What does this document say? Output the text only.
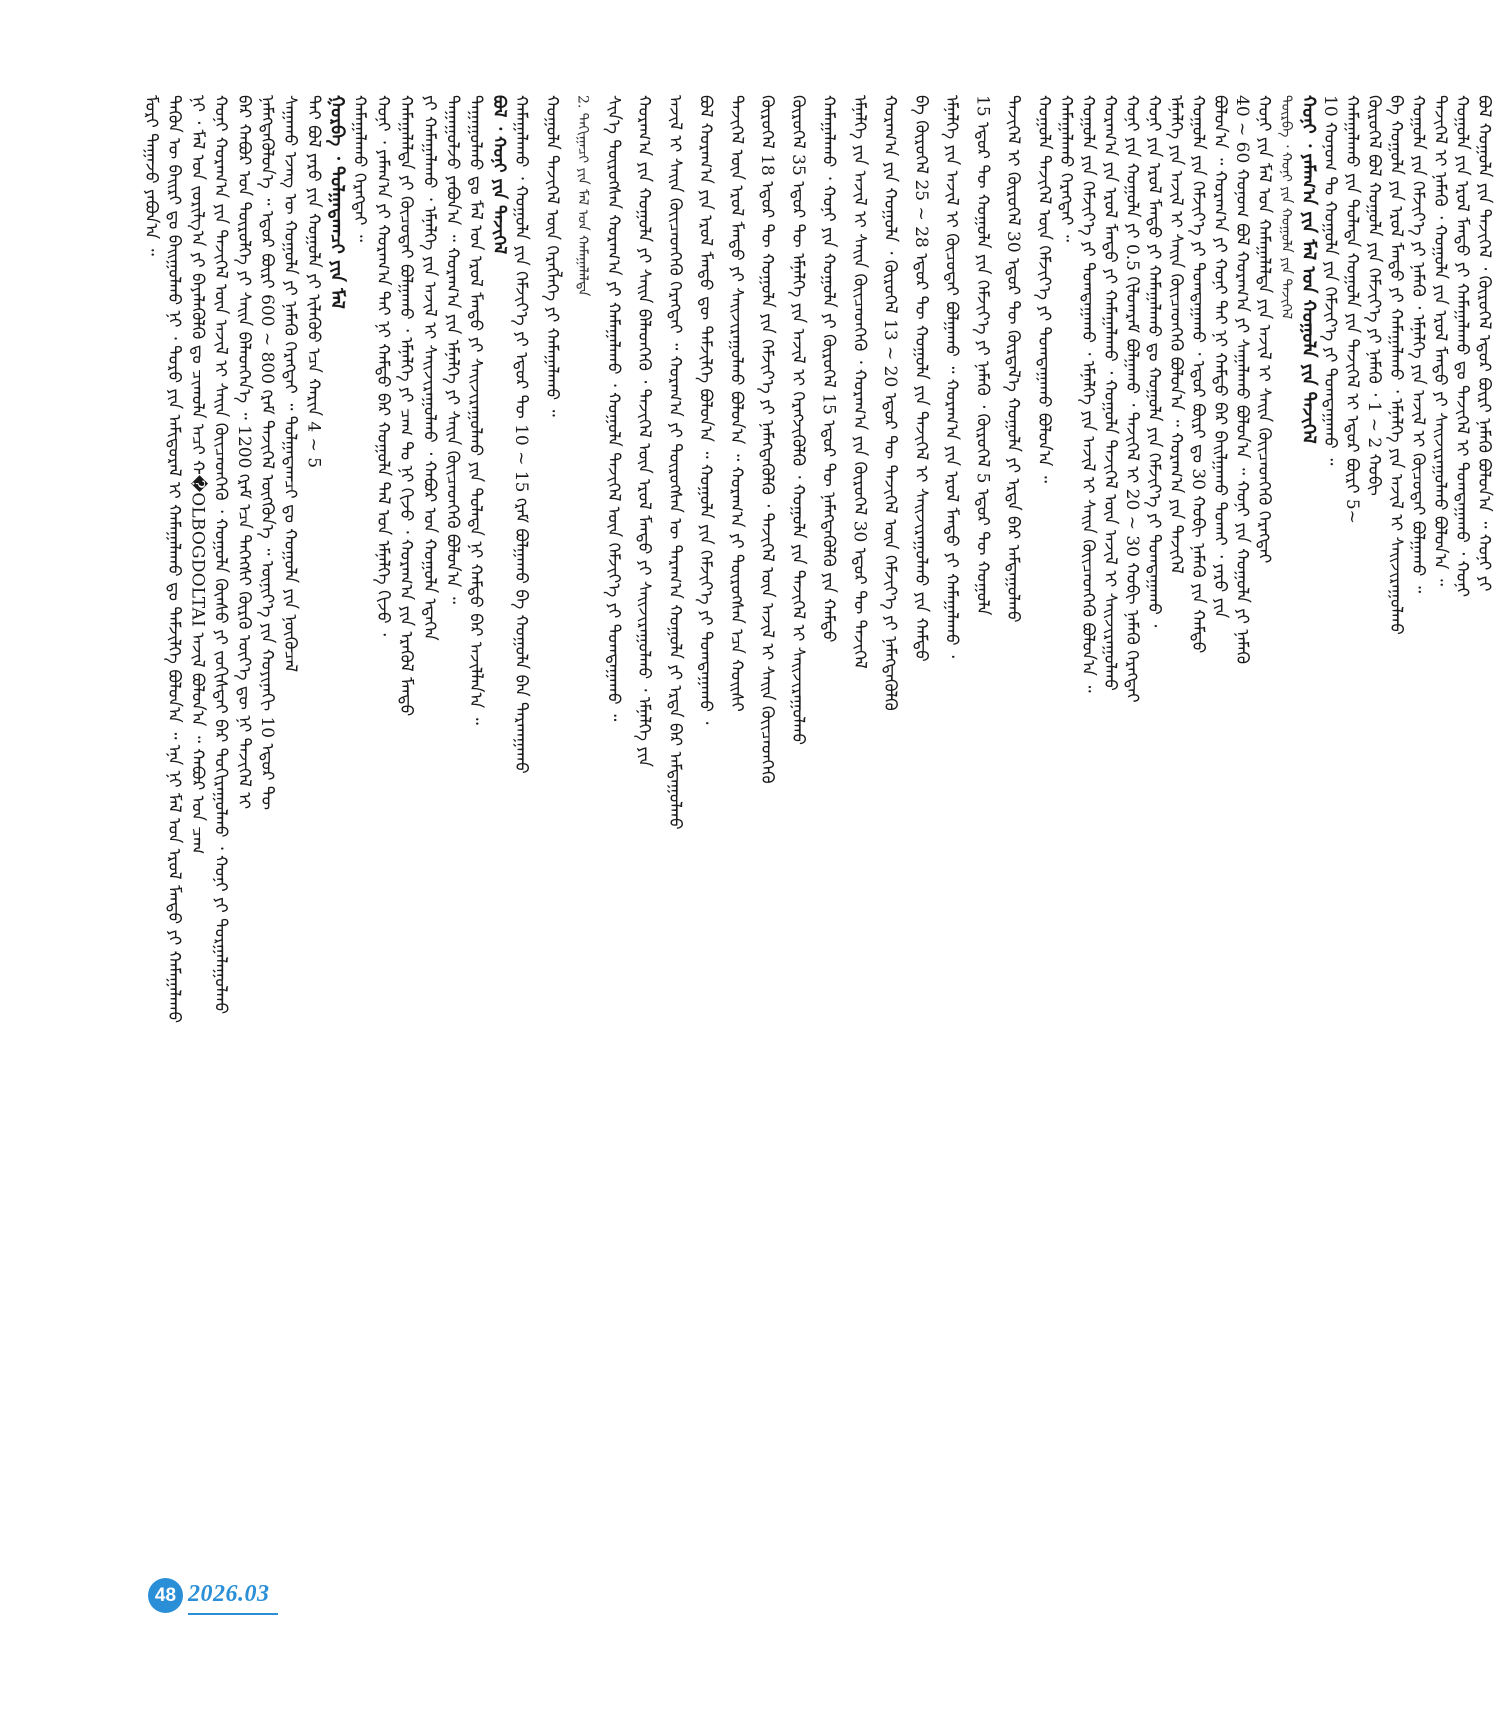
ᠮᠤᠷᠢ ᠳᠠᠭᠠᠵᠤ ᠶᠠᠪᠤᠨ᠎ᠠ ᠃ ᠲᠡᠭᠦᠨ ᠦ ᠪᠠᠢᠷᠢ ᠳᠤ ᠪᠠᠢᠭᠤᠯᠬᠤ ᠨᠢ ᠂ ᠳᠤᠷᠤ ᠶᠢᠨ ᠠᠮᠢᠳᠤᠷᠠᠯ ᠢ ᠬᠠᠮᠠᠭᠠᠯᠠᠬᠤ ᠳᠤ ᠳᠡᠮᠵᠢᠯᠭᠡ ᠪᠣᠯᠤᠨ᠎ᠠ ᠃ ᠡᠨᠡ ᠨᠢ ᠮᠠᠯ ᠤᠨ ᠡᠷᠦᠯ ᠮᠡᠨᠳᠦ ᠶᠢ ᠬᠠᠮᠠᠭᠠᠯᠠᠬᠤ ᠨᠢ ᠂ ᠮᠠᠯ ᠤᠨ ᠵᠣᠷᠢᠯᠭ᠎ᠠ ᠶᠢ ᠪᠡᠶᠡᠯᠡᠭᠦᠯᠬᠦ ᠳᠤ ᠴᠢᠬᠤᠯᠠ ᠠᠴᠢ ᠬ�OLBOGDOLTAI ᠠᠵᠢᠯ ᠪᠣᠯᠤᠨ᠎ᠠ ᠃ ᠬᠠᠪᠤᠷ ᠤᠨ ᠴᠠᠭ ᠬᠣᠨᠢ ᠬᠤᠷᠠᠭ᠎ᠠ ᠶᠢᠨ ᠲᠡᠵᠢᠭᠡᠯ ᠦᠨ ᠠᠵᠢᠯ ᠢ ᠰᠠᠢᠨ ᠭᠦᠢᠴᠡᠳᠬᠡᠬᠦ ᠂ ᠬᠣᠭᠤᠯᠠ ᠬᠦᠨᠰᠦ ᠶᠢ ᠵᠣᠬᠢᠰᠲᠠᠢ ᠪᠡᠷ ᠲᠣᠬᠢᠷᠠᠭᠤᠯᠬᠤ ᠂ ᠬᠣᠨᠢ ᠶᠢ ᠲᠤᠷᠭᠠᠯᠠᠭᠤᠯᠬᠤ ᠪᠠᠷ ᠬᠠᠪᠤᠷ ᠤᠨ ᠲᠦᠷᠦᠯᠭᠡ ᠶᠢ ᠰᠠᠢᠨ ᠪᠡᠯᠡᠳᠬᠡᠨ᠎ᠡ ᠃ 1200 ᠭᠷᠠᠮ ᠡᠴᠡ ᠳᠡᠭᠡᠭᠰᠢ ᠬᠦᠷᠬᠦ ᠦᠶ᠎ᠡ ᠳᠦ ᠨᠢ ᠲᠡᠵᠢᠭᠡᠯ ᠢ ᠨᠡᠮᠡᠭᠳᠡᠭᠦᠯᠦᠨ᠎ᠡ ᠃ ᠡᠳᠦᠷ ᠪᠦᠷᠢ 600 ~ 800 ᠭᠷᠠᠮ ᠲᠡᠵᠢᠭᠡᠯ ᠦᠭᠭᠦᠨ᠎ᠡ ᠃ ᠦᠨᠢᠶ᠎ᠡ ᠶᠢᠨ ᠬᠣᠶᠢᠨᠠᠬᠢ 10 ᠡᠳᠦᠷ ᠲᠦ ᠰᠠᠭᠠᠬᠤ ᠡᠵᠡᠩ ᠦ ᠬᠣᠭᠤᠯᠠ ᠶᠢ ᠨᠡᠮᠡᠬᠦ ᠬᠡᠷᠡᠭᠲᠡᠢ ᠃ ᠲᠤᠯᠭᠠᠳᠠᠭᠴᠢ ᠳᠤ ᠬᠣᠭᠤᠯᠠ ᠶᠢᠨ ᠨᠥᠬᠦᠴᠡᠯ ᠳᠠᠢ ᠪᠣᠯ ᠶᠡᠷᠦ ᠶᠢᠨ ᠬᠣᠭᠤᠯᠠ ᠶᠢ ᠢᠯᠡᠭᠦᠦ ᠡᠴᠡ ᠬᠠᠷᠢᠨ 4 ~ 5 ᠭᠤᠷᠪᠠ ᠂ ᠲᠤᠯᠭᠠᠳᠠᠭᠴᠢ ᠶᠢᠨ ᠮᠠᠯ ᠬᠠᠮᠠᠭᠠᠯᠠᠬᠤ ᠬᠡᠷᠡᠭᠲᠡᠢ ᠃ ᠬᠣᠨᠢ ᠂ ᠶᠠᠮᠠᠭ᠎ᠠ ᠶᠢ ᠬᠤᠷᠠᠭ᠎ᠠ ᠲᠠᠢ ᠨᠢ ᠬᠠᠮᠲᠤ ᠪᠡᠷ ᠬᠣᠭᠤᠯᠠ ᠲᠠᠯ ᠤᠨ ᠡᠮᠨᠡᠯᠭᠡ ᠬᠢᠵᠦ ᠂ ᠬᠠᠮᠠᠭᠠᠯᠠᠯᠲᠠ ᠶᠢ ᠬᠦᠴᠦᠲᠡᠢ ᠪᠣᠯᠭᠠᠬᠤ ᠂ ᠡᠮᠨᠡᠯᠭᠡ ᠶᠢ ᠴᠠᠭ ᠲᠤ ᠨᠢ ᠬᠢᠵᠦ ᠂ ᠬᠤᠷᠠᠭ᠎ᠠ ᠶᠢᠨ ᠡᠷᠡᠬᠦᠯ ᠮᠡᠨᠳᠦ ᠶᠢ ᠬᠠᠮᠠᠭᠠᠯᠠᠬᠤ ᠂ ᠡᠮᠨᠡᠯᠭᠡ ᠶᠢᠨ ᠠᠵᠢᠯ ᠢ ᠰᠠᠢᠵᠢᠷᠠᠭᠤᠯᠬᠤ ᠂ ᠬᠠᠪᠤᠷ ᠤᠨ ᠬᠣᠭᠤᠯᠠ ᠡᠳᠡᠭᠡᠨ ᠳᠠᠭᠠᠭᠤᠯᠵᠤ ᠶᠠᠪᠤᠨ᠎ᠠ ᠃ ᠬᠤᠷᠠᠭ᠎ᠠ ᠶᠢᠨ ᠡᠮᠨᠡᠯᠭᠡ ᠶᠢ ᠰᠠᠢᠨ ᠭᠦᠢᠴᠡᠳᠬᠡᠬᠦ ᠪᠣᠯᠤᠨ᠎ᠠ ᠃ ᠳᠠᠭᠠᠭᠤᠯᠬᠤ ᠳᠤ ᠮᠠᠯ ᠤᠨ ᠡᠷᠦᠯ ᠮᠡᠨᠳᠦ ᠶᠢ ᠰᠠᠢᠵᠢᠷᠠᠭᠤᠯᠬᠤ ᠶᠢᠨ ᠲᠤᠯᠠᠳᠠ ᠨᠢ ᠬᠠᠮᠲᠤ ᠪᠡᠷ ᠠᠵᠢᠯᠯᠠᠨ᠎ᠠ ᠃ ᠪᠣᠯ ᠂ ᠬᠣᠨᠢ ᠶᠢᠨ ᠲᠡᠵᠢᠭᠡᠯ ᠬᠠᠮᠠᠭᠠᠯᠠᠬᠤ ᠂ ᠬᠣᠭᠤᠯᠠ ᠶᠢᠨ ᠬᠡᠮᠵᠢᠶ᠎ᠡ ᠶᠢ ᠡᠳᠦᠷ ᠲᠦ 10 ~ 15 ᠭᠷᠠᠮ ᠪᠣᠯᠭᠠᠬᠤ ᠪᠠ ᠬᠣᠭᠤᠯᠠ ᠪᠡᠨ ᠲᠠᠷᠬᠠᠭᠠᠬᠤ ᠬᠣᠭᠤᠯᠠ ᠲᠡᠵᠢᠭᠡᠯ ᠦᠨ ᠬᠡᠷᠡᠭᠯᠡᠭᠡ ᠶᠢ ᠬᠠᠮᠠᠭᠠᠯᠠᠬᠤ ᠃ 2. ᠳᠠᠬᠢᠭᠠᠴᠢ ᠶᠢᠨ ᠮᠠᠯ ᠤᠨ ᠬᠠᠮᠠᠭᠠᠯᠠᠯᠲᠠ ᠰᠢᠨ᠎ᠡ ᠲᠦᠷᠦᠭᠰᠡᠨ ᠬᠤᠷᠠᠭ᠎ᠠ ᠶᠢ ᠬᠠᠮᠠᠭᠠᠯᠠᠬᠤ ᠂ ᠬᠣᠭᠤᠯᠠ ᠲᠡᠵᠢᠭᠡᠯ ᠦᠨ ᠬᠡᠮᠵᠢᠶ᠎ᠡ ᠶᠢ ᠲᠣᠭᠲᠠᠭᠠᠬᠤ ᠃ ᠬᠤᠷᠠᠭ᠎ᠠ ᠶᠢᠨ ᠬᠣᠭᠤᠯᠠ ᠶᠢ ᠰᠠᠢᠨ ᠪᠡᠯᠡᠳᠬᠡᠬᠦ ᠂ ᠲᠡᠵᠢᠭᠡᠯ ᠦᠨ ᠡᠷᠦᠯ ᠮᠡᠨᠳᠦ ᠶᠢ ᠰᠠᠢᠵᠢᠷᠠᠭᠤᠯᠬᠤ ᠂ ᠡᠮᠨᠡᠯᠭᠡ ᠶᠢᠨ ᠠᠵᠢᠯ ᠢ ᠰᠠᠢᠨ ᠭᠦᠢᠴᠡᠳᠬᠡᠬᠦ ᠬᠡᠷᠡᠭᠲᠡᠢ ᠃ ᠬᠤᠷᠠᠭ᠎ᠠ ᠶᠢ ᠲᠦᠷᠦᠭᠰᠡᠨ ᠦ ᠳᠠᠷᠠᠭ᠎ᠠ ᠬᠣᠭᠤᠯᠠ ᠶᠢ ᠡᠷᠲᠡ ᠪᠡᠷ ᠠᠮᠲᠠᠭᠤᠯᠬᠤ ᠪᠣᠯ ᠬᠤᠷᠠᠭ᠎ᠠ ᠶᠢᠨ ᠡᠷᠦᠯ ᠮᠡᠨᠳᠦ ᠳᠦ ᠳᠡᠮᠵᠢᠯᠭᠡ ᠪᠣᠯᠤᠨ᠎ᠠ ᠃ ᠬᠣᠭᠤᠯᠠ ᠶᠢᠨ ᠬᠡᠮᠵᠢᠶ᠎ᠡ ᠶᠢ ᠲᠣᠭᠲᠠᠭᠠᠬᠤ ᠂ ᠲᠡᠵᠢᠭᠡᠯ ᠦᠨ ᠡᠷᠦᠯ ᠮᠡᠨᠳᠦ ᠶᠢ ᠰᠠᠢᠵᠢᠷᠠᠭᠤᠯᠬᠤ ᠪᠣᠯᠤᠨ᠎ᠠ ᠃ ᠬᠤᠷᠠᠭ᠎ᠠ ᠶᠢ ᠲᠦᠷᠦᠭᠰᠡᠨ ᠡᠴᠡ ᠬᠣᠢᠰᠢ ᠬᠦᠷᠦᠭᠡᠯ 18 ᠡᠳᠦᠷ ᠲᠦ ᠬᠣᠭᠤᠯᠠ ᠶᠢᠨ ᠬᠡᠮᠵᠢᠶ᠎ᠡ ᠶᠢ ᠨᠡᠮᠡᠭᠳᠡᠭᠦᠯᠬᠦ ᠂ ᠲᠡᠵᠢᠭᠡᠯ ᠦᠨ ᠠᠵᠢᠯ ᠢ ᠰᠠᠢᠨ ᠭᠦᠢᠴᠡᠳᠬᠡᠬᠦ ᠬᠦᠷᠦᠭᠡᠯ 35 ᠡᠳᠦᠷ ᠲᠦ ᠡᠮᠨᠡᠯᠭᠡ ᠶᠢᠨ ᠠᠵᠢᠯ ᠢ ᠬᠡᠷᠡᠭᠵᠢᠭᠦᠯᠬᠦ ᠂ ᠬᠣᠭᠤᠯᠠ ᠶᠢᠨ ᠲᠡᠵᠢᠭᠡᠯ ᠢ ᠰᠠᠢᠵᠢᠷᠠᠭᠤᠯᠬᠤ ᠬᠠᠮᠠᠭᠠᠯᠠᠬᠤ ᠂ ᠬᠣᠨᠢ ᠶᠢᠨ ᠬᠣᠭᠤᠯᠠ ᠶᠢ ᠬᠦᠷᠦᠭᠡᠯ 15 ᠡᠳᠦᠷ ᠲᠦ ᠨᠡᠮᠡᠭᠳᠡᠭᠦᠯᠬᠦ ᠶᠢᠨ ᠬᠠᠮᠲᠤ ᠡᠮᠨᠡᠯᠭᠡ ᠶᠢᠨ ᠠᠵᠢᠯ ᠢ ᠰᠠᠢᠨ ᠭᠦᠢᠴᠡᠳᠬᠡᠬᠦ ᠂ ᠬᠤᠷᠠᠭ᠎ᠠ ᠶᠢᠨ ᠬᠦᠷᠦᠭᠡᠯ 30 ᠡᠳᠦᠷ ᠲᠦ ᠲᠡᠵᠢᠭᠡᠯ ᠬᠤᠷᠠᠭ᠎ᠠ ᠶᠢᠨ ᠬᠣᠭᠤᠯᠠ ᠂ ᠬᠦᠷᠦᠭᠡᠯ 13 ~ 20 ᠡᠳᠦᠷ ᠲᠦ ᠲᠡᠵᠢᠭᠡᠯ ᠦᠨ ᠬᠡᠮᠵᠢᠶ᠎ᠡ ᠶᠢ ᠨᠡᠮᠡᠭᠳᠡᠭᠦᠯᠬᠦ ᠪᠠ ᠬᠦᠷᠦᠭᠡᠯ 25 ~ 28 ᠡᠳᠦᠷ ᠲᠦ ᠬᠣᠭᠤᠯᠠ ᠶᠢᠨ ᠲᠡᠵᠢᠭᠡᠯ ᠢ ᠰᠠᠢᠵᠢᠷᠠᠭᠤᠯᠬᠤ ᠶᠢᠨ ᠬᠠᠮᠲᠤ ᠡᠮᠨᠡᠯᠭᠡ ᠶᠢᠨ ᠠᠵᠢᠯ ᠢ ᠬᠦᠴᠦᠲᠡᠢ ᠪᠣᠯᠭᠠᠬᠤ ᠃ ᠬᠤᠷᠠᠭ᠎ᠠ ᠶᠢᠨ ᠡᠷᠦᠯ ᠮᠡᠨᠳᠦ ᠶᠢ ᠬᠠᠮᠠᠭᠠᠯᠠᠬᠤ ᠂ 15 ᠡᠳᠦᠷ ᠲᠦ ᠬᠣᠭᠤᠯᠠ ᠶᠢᠨ ᠬᠡᠮᠵᠢᠶ᠎ᠡ ᠶᠢ ᠨᠡᠮᠡᠬᠦ ᠂ ᠬᠦᠷᠦᠭᠡᠯ 5 ᠡᠳᠦᠷ ᠲᠦ ᠬᠣᠭᠤᠯᠠ ᠲᠡᠵᠢᠭᠡᠯ ᠢ ᠬᠦᠷᠦᠭᠡᠯ 30 ᠡᠳᠦᠷ ᠲᠦ ᠬᠦᠷᠲᠡᠯ᠎ᠡ ᠬᠣᠭᠤᠯᠠ ᠶᠢ ᠡᠷᠲᠡ ᠪᠡᠷ ᠠᠮᠲᠠᠭᠤᠯᠬᠤ ᠬᠣᠭᠤᠯᠠ ᠲᠡᠵᠢᠭᠡᠯ ᠦᠨ ᠬᠡᠮᠵᠢᠶ᠎ᠡ ᠶᠢ ᠲᠣᠭᠲᠠᠭᠠᠬᠤ ᠪᠣᠯᠤᠨ᠎ᠠ ᠃ ᠬᠠᠮᠠᠭᠠᠯᠠᠬᠤ ᠬᠡᠷᠡᠭᠲᠡᠢ ᠃ ᠬᠣᠭᠤᠯᠠ ᠶᠢᠨ ᠬᠡᠮᠵᠢᠶ᠎ᠡ ᠶᠢ ᠲᠣᠭᠲᠠᠭᠠᠬᠤ ᠂ ᠡᠮᠨᠡᠯᠭᠡ ᠶᠢᠨ ᠠᠵᠢᠯ ᠢ ᠰᠠᠢᠨ ᠭᠦᠢᠴᠡᠳᠬᠡᠬᠦ ᠪᠣᠯᠤᠨ᠎ᠠ ᠃ ᠬᠤᠷᠠᠭ᠎ᠠ ᠶᠢᠨ ᠡᠷᠦᠯ ᠮᠡᠨᠳᠦ ᠶᠢ ᠬᠠᠮᠠᠭᠠᠯᠠᠬᠤ ᠂ ᠬᠣᠭᠤᠯᠠ ᠲᠡᠵᠢᠭᠡᠯ ᠦᠨ ᠠᠵᠢᠯ ᠢ ᠰᠠᠢᠵᠢᠷᠠᠭᠤᠯᠬᠤ ᠬᠣᠨᠢ ᠶᠢᠨ ᠬᠣᠭᠤᠯᠠ ᠶᠢ 0.5 ᠬᠢᠯᠣᠭᠷᠠᠮ ᠪᠣᠯᠭᠠᠬᠤ ᠂ ᠲᠡᠵᠢᠭᠡᠯ ᠢ 20 ~ 30 ᠬᠤᠪᠢ ᠨᠡᠮᠡᠬᠦ ᠬᠡᠷᠡᠭᠲᠡᠢ ᠬᠣᠨᠢ ᠶᠢᠨ ᠡᠷᠦᠯ ᠮᠡᠨᠳᠦ ᠶᠢ ᠬᠠᠮᠠᠭᠠᠯᠠᠬᠤ ᠳᠤ ᠬᠣᠭᠤᠯᠠ ᠶᠢᠨ ᠬᠡᠮᠵᠢᠶ᠎ᠡ ᠶᠢ ᠲᠣᠭᠲᠠᠭᠠᠬᠤ ᠂ ᠡᠮᠨᠡᠯᠭᠡ ᠶᠢᠨ ᠠᠵᠢᠯ ᠢ ᠰᠠᠢᠨ ᠭᠦᠢᠴᠡᠳᠬᠡᠬᠦ ᠪᠣᠯᠤᠨ᠎ᠠ ᠃ ᠬᠤᠷᠠᠭ᠎ᠠ ᠶᠢᠨ ᠲᠡᠵᠢᠭᠡᠯ ᠬᠣᠭᠤᠯᠠ ᠶᠢᠨ ᠬᠡᠮᠵᠢᠶ᠎ᠡ ᠶᠢ ᠲᠣᠭᠲᠠᠭᠠᠬᠤ ᠂ ᠡᠳᠦᠷ ᠪᠦᠷᠢ ᠳᠤ 30 ᠬᠤᠪᠢ ᠨᠡᠮᠡᠬᠦ ᠶᠢᠨ ᠬᠠᠮᠲᠤ ᠪᠣᠯᠤᠨ᠎ᠠ ᠃ ᠬᠤᠷᠠᠭ᠎ᠠ ᠶᠢ ᠬᠣᠨᠢ ᠲᠠᠢ ᠨᠢ ᠬᠠᠮᠲᠤ ᠪᠡᠷ ᠪᠠᠢᠯᠭᠠᠬᠤ ᠲᠤᠬᠠᠢ ᠂ ᠶᠡᠷᠦ ᠶᠢᠨ 40 ~ 60 ᠬᠣᠨᠣᠭ ᠪᠣᠯ ᠬᠤᠷᠠᠭ᠎ᠠ ᠶᠢ ᠰᠠᠭᠠᠯᠠᠬᠤ ᠪᠣᠯᠤᠨ᠎ᠠ ᠃ ᠬᠣᠨᠢ ᠶᠢᠨ ᠬᠣᠭᠤᠯᠠ ᠶᠢ ᠨᠡᠮᠡᠬᠦ ᠬᠣᠨᠢ ᠶᠢᠨ ᠮᠠᠯ ᠤᠨ ᠬᠠᠮᠠᠭᠠᠯᠠᠯᠲᠠ ᠶᠢᠨ ᠠᠵᠢᠯ ᠢ ᠰᠠᠢᠨ ᠭᠦᠢᠴᠡᠳᠬᠡᠬᠦ ᠬᠡᠷᠡᠭᠲᠡᠢ ᠳᠥᠷᠪᠡ ᠂ ᠬᠣᠨᠢ ᠶᠢᠨ ᠬᠣᠭᠤᠯᠠ ᠶᠢᠨ ᠲᠡᠵᠢᠭᠡᠯ ᠬᠣᠨᠢ ᠂ ᠶᠠᠮᠠᠭ᠎ᠠ ᠶᠢᠨ ᠮᠠᠯ ᠤᠨ ᠬᠣᠭᠤᠯᠠ ᠶᠢᠨ ᠲᠡᠵᠢᠭᠡᠯ 10 ᠬᠣᠨᠣᠭ ᠲᠤ ᠬᠣᠭᠤᠯᠠ ᠶᠢᠨ ᠬᠡᠮᠵᠢᠶ᠎ᠡ ᠶᠢ ᠲᠣᠭᠲᠠᠭᠠᠬᠤ ᠃ ᠬᠠᠮᠠᠭᠠᠯᠠᠬᠤ ᠶᠢᠨ ᠲᠤᠯᠠᠳᠠ ᠬᠣᠭᠤᠯᠠ ᠶᠢᠨ ᠲᠡᠵᠢᠭᠡᠯ ᠢ ᠡᠳᠦᠷ ᠪᠦᠷᠢ 5~ ᠬᠦᠷᠦᠭᠡᠯ ᠪᠣᠯ ᠬᠣᠭᠤᠯᠠ ᠶᠢᠨ ᠬᠡᠮᠵᠢᠶ᠎ᠡ ᠶᠢ ᠨᠡᠮᠡᠬᠦ ᠂ 1 ~ 2 ᠬᠤᠪᠢ ᠪᠠ ᠬᠣᠭᠤᠯᠠ ᠶᠢᠨ ᠡᠷᠦᠯ ᠮᠡᠨᠳᠦ ᠶᠢ ᠬᠠᠮᠠᠭᠠᠯᠠᠬᠤ ᠂ ᠡᠮᠨᠡᠯᠭᠡ ᠶᠢᠨ ᠠᠵᠢᠯ ᠢ ᠰᠠᠢᠵᠢᠷᠠᠭᠤᠯᠬᠤ ᠬᠣᠭᠤᠯᠠ ᠶᠢᠨ ᠬᠡᠮᠵᠢᠶ᠎ᠡ ᠶᠢ ᠨᠡᠮᠡᠬᠦ ᠂ ᠡᠮᠨᠡᠯᠭᠡ ᠶᠢᠨ ᠠᠵᠢᠯ ᠢ ᠬᠦᠴᠦᠲᠡᠢ ᠪᠣᠯᠭᠠᠬᠤ ᠃ ᠲᠡᠵᠢᠭᠡᠯ ᠢ ᠨᠡᠮᠡᠬᠦ ᠂ ᠬᠣᠭᠤᠯᠠ ᠶᠢᠨ ᠡᠷᠦᠯ ᠮᠡᠨᠳᠦ ᠶᠢ ᠰᠠᠢᠵᠢᠷᠠᠭᠤᠯᠬᠤ ᠪᠣᠯᠤᠨ᠎ᠠ ᠃ ᠬᠣᠭᠤᠯᠠ ᠶᠢᠨ ᠡᠷᠦᠯ ᠮᠡᠨᠳᠦ ᠶᠢ ᠬᠠᠮᠠᠭᠠᠯᠠᠬᠤ ᠳᠤ ᠲᠡᠵᠢᠭᠡᠯ ᠢ ᠲᠣᠭᠲᠠᠭᠠᠬᠤ ᠂ ᠬᠣᠨᠢ ᠪᠣᠯ ᠬᠣᠭᠤᠯᠠ ᠶᠢᠨ ᠲᠡᠵᠢᠭᠡᠯ ᠂ ᠬᠦᠷᠦᠭᠡᠯ ᠡᠳᠦᠷ ᠪᠦᠷᠢ ᠨᠡᠮᠡᠬᠦ ᠪᠣᠯᠤᠨ᠎ᠠ ᠃ ᠬᠣᠨᠢ ᠶᠢ
48 2026.03
